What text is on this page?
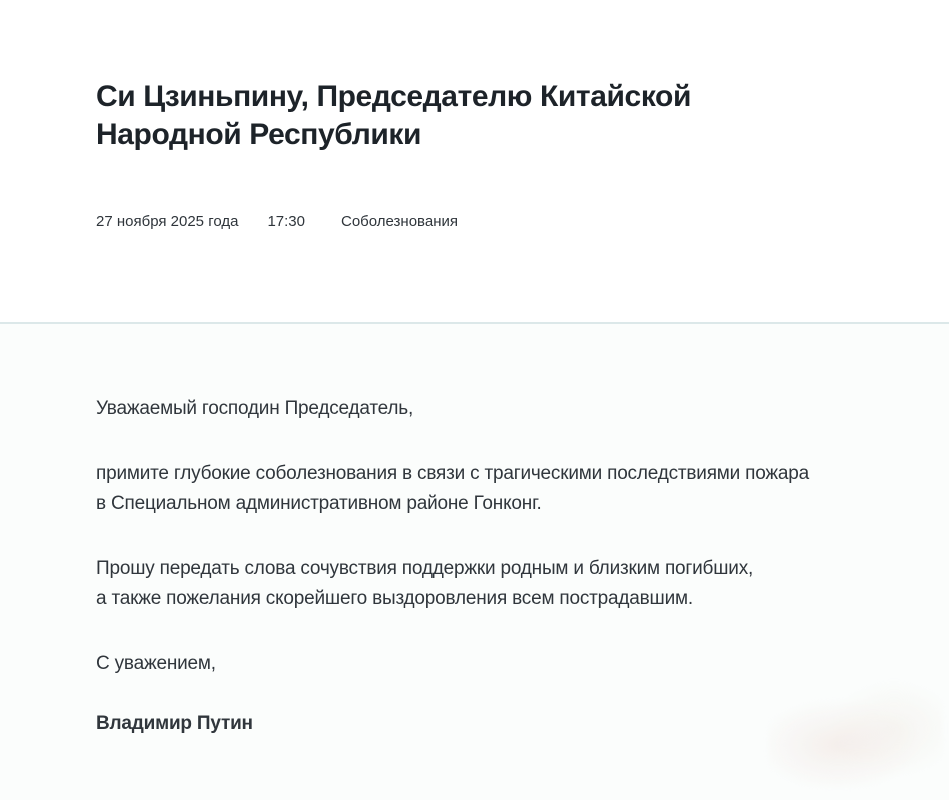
Си Цзиньпину, Председателю Китайской
Народной Республики
27 ноября 2025 года 17:30 Соболезнования

Уважаемый господин Председатель,

примите глубокие соболезнования в связи с трагическими последствиями пожара
в Специальном административном районе Гонконг.

Прошу передать слова сочувствия поддержки родным и близким погибших,
а также пожелания скорейшего выздоровления всем пострадавшим.

С уважением,

Владимир Путин
